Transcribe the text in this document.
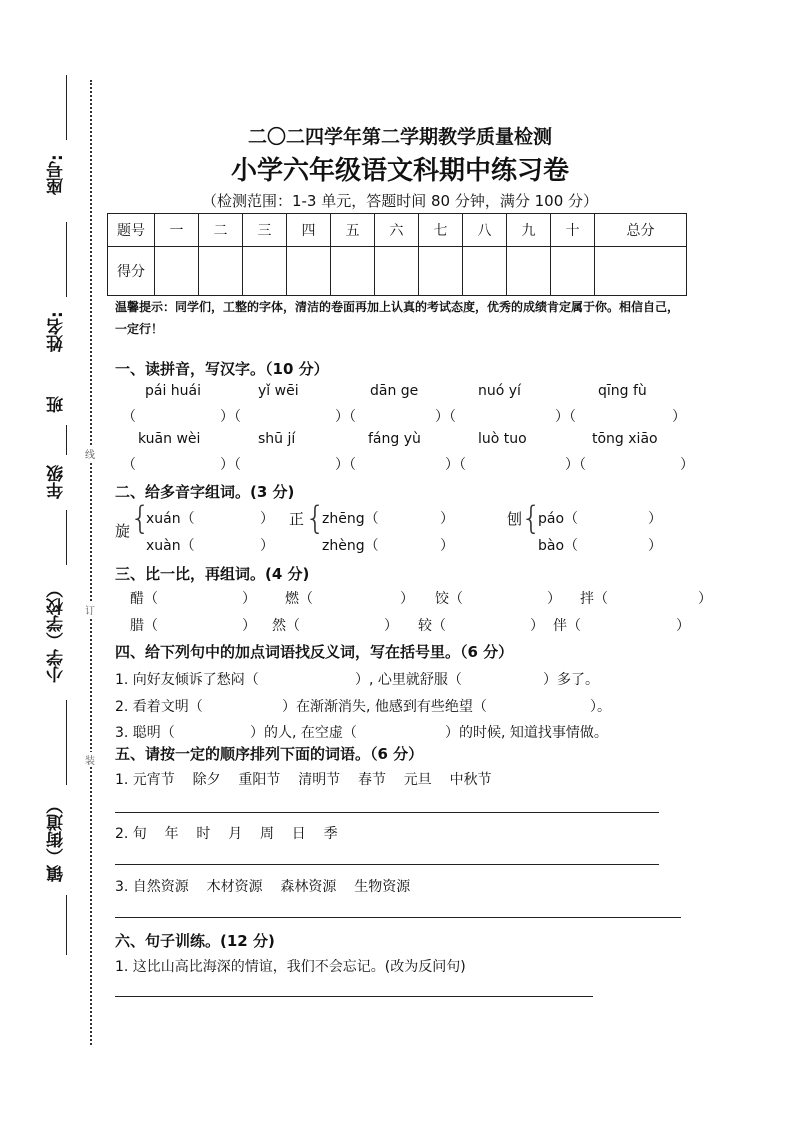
座号:
姓名:
班
年级
小学（学校）
镇（街道）
线
订
装
二〇二四学年第二学期教学质量检测
小学六年级语文科期中练习卷
（检测范围：1-3 单元，答题时间 80 分钟，满分 100 分）
题号	一	二	三	四	五	六	七	八	九	十	总分
得分											
温馨提示：同学们，工整的字体，清洁的卷面再加上认真的考试态度，优秀的成绩肯定属于你。相信自己，一定行！
一、读拼音，写汉字。（10 分）
pái huái	yǐ wēi	dān ge	nuó yí	qīng fù
（	）（	）（	）（	）（	）
kuān wèi	shū jí	fáng yù	luò tuo	tōng xiāo
（	）（	）（	）（	）（	）
二、给多音字组词。(3 分)
旋 {
xuán（	）
xuàn（	）
正 {
zhēng（	）
zhèng（	）
刨
{
páo（	）
bào（	）
三、比一比，再组词。(4 分)
醋（	） 燃（	） 饺（	） 拌（	）
腊（	） 然（	） 较（	） 伴（	）
四、给下列句中的加点词语找反义词，写在括号里。（6 分）
1. 向好友倾诉了愁闷（	）, 心里就舒服（	）多了。
2. 看着文明（	）在渐渐消失, 他感到有些绝望（	）。
3. 聪明（	）的人, 在空虚（	）的时候, 知道找事情做。
五、请按一定的顺序排列下面的词语。（6 分）
1. 元宵节    除夕    重阳节    清明节    春节    元旦    中秋节
2. 旬    年    时    月    周    日    季
3. 自然资源    木材资源    森林资源    生物资源
六、句子训练。(12 分)
1. 这比山高比海深的情谊，我们不会忘记。(改为反问句)
